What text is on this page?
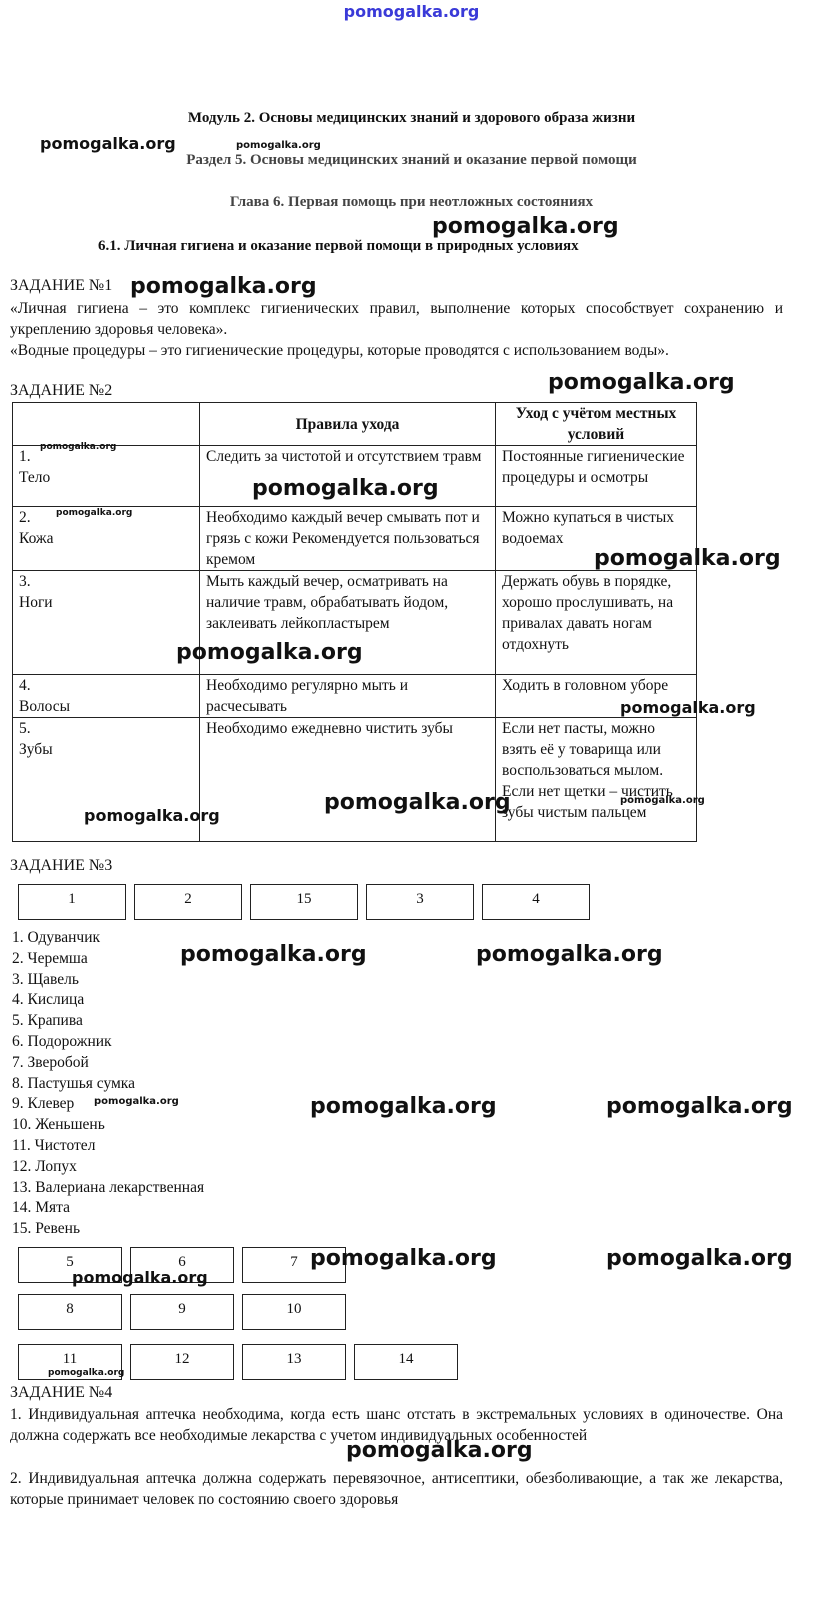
pomogalka.org
Модуль 2. Основы медицинских знаний и здорового образа жизни
Раздел 5. Основы медицинских знаний и оказание первой помощи
Глава 6. Первая помощь при неотложных состояниях
6.1. Личная гигиена и оказание первой помощи в природных условиях
ЗАДАНИЕ №1
«Личная гигиена – это комплекс гигиенических правил, выполнение которых способствует сохранению и укреплению здоровья человека».
«Водные процедуры – это гигиенические процедуры, которые проводятся с использованием воды».
ЗАДАНИЕ №2
	Правила ухода	Уход с учётом местных условий

1.
Тело	Следить за чистотой и отсутствием травм	Постоянные гигиенические процедуры и осмотры

2.
Кожа	Необходимо каждый вечер смывать пот и грязь с кожи Рекомендуется пользоваться кремом	Можно купаться в чистых водоемах

3.
Ноги	Мыть каждый вечер, осматривать на наличие травм, обрабатывать йодом, заклеивать лейкопластырем	Держать обувь в порядке, хорошо прослушивать, на привалах давать ногам отдохнуть

4.
Волосы	Необходимо регулярно мыть и расчесывать	Ходить в головном уборе

5.
Зубы	Необходимо ежедневно чистить зубы	Если нет пасты, можно взять её у товарища или воспользоваться мылом. Если нет щетки – чистить зубы чистым пальцем
ЗАДАНИЕ №3
1	2	15	3	4
1. Одуванчик
2. Черемша
3. Щавель
4. Кислица
5. Крапива
6. Подорожник
7. Зверобой
8. Пастушья сумка
9. Клевер
10. Женьшень
11. Чистотел
12. Лопух
13. Валериана лекарственная
14. Мята
15. Ревень
5	6	7
8	9	10
11	12	13	14
ЗАДАНИЕ №4
1. Индивидуальная аптечка необходима, когда есть шанс отстать в экстремальных условиях в одиночестве. Она должна содержать все необходимые лекарства с учетом индивидуальных особенностей
2. Индивидуальная аптечка должна содержать перевязочное, антисептики, обезболивающие, а так же лекарства, которые принимает человек по состоянию своего здоровья
pomogalka.org	pomogalka.org
pomogalka.org
pomogalka.org
pomogalka.org
pomogalka.org
pomogalka.org
pomogalka.org
pomogalka.org
pomogalka.org
pomogalka.org
pomogalka.org
pomogalka.org
pomogalka.org
pomogalka.org	pomogalka.org
pomogalka.org	pomogalka.org	pomogalka.org
pomogalka.org	pomogalka.org
pomogalka.org
pomogalka.org
pomogalka.org
